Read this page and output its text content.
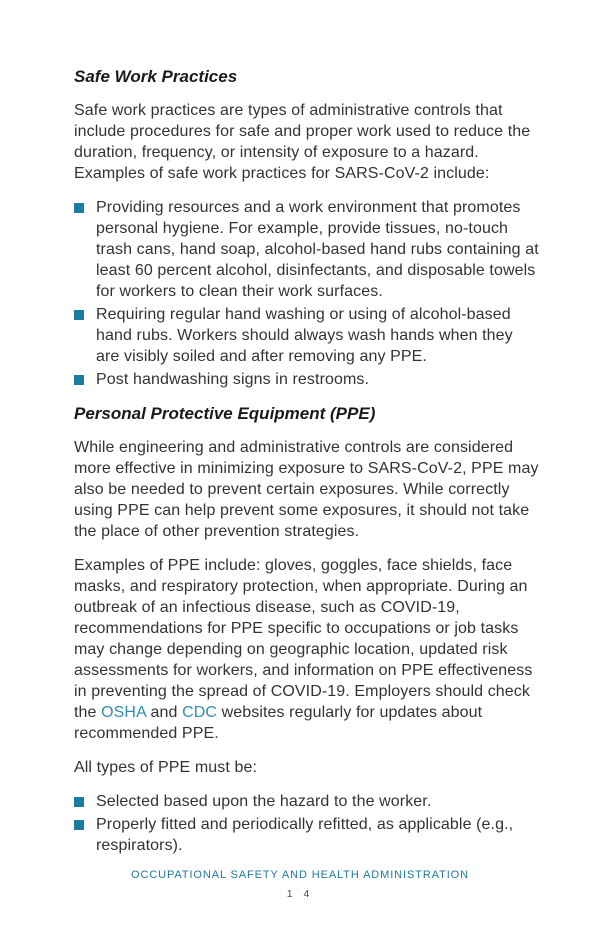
Safe Work Practices

Safe work practices are types of administrative controls that include procedures for safe and proper work used to reduce the duration, frequency, or intensity of exposure to a hazard. Examples of safe work practices for SARS-CoV-2 include:

Providing resources and a work environment that promotes personal hygiene. For example, provide tissues, no-touch trash cans, hand soap, alcohol-based hand rubs containing at least 60 percent alcohol, disinfectants, and disposable towels for workers to clean their work surfaces.
Requiring regular hand washing or using of alcohol-based hand rubs. Workers should always wash hands when they are visibly soiled and after removing any PPE.
Post handwashing signs in restrooms.
Personal Protective Equipment (PPE)

While engineering and administrative controls are considered more effective in minimizing exposure to SARS-CoV-2, PPE may also be needed to prevent certain exposures. While correctly using PPE can help prevent some exposures, it should not take the place of other prevention strategies.

Examples of PPE include: gloves, goggles, face shields, face masks, and respiratory protection, when appropriate. During an outbreak of an infectious disease, such as COVID-19, recommendations for PPE specific to occupations or job tasks may change depending on geographic location, updated risk assessments for workers, and information on PPE effectiveness in preventing the spread of COVID-19. Employers should check the OSHA and CDC websites regularly for updates about recommended PPE.

All types of PPE must be:

Selected based upon the hazard to the worker.
Properly fitted and periodically refitted, as applicable (e.g., respirators).
OCCUPATIONAL SAFETY AND HEALTH ADMINISTRATION
1 4
